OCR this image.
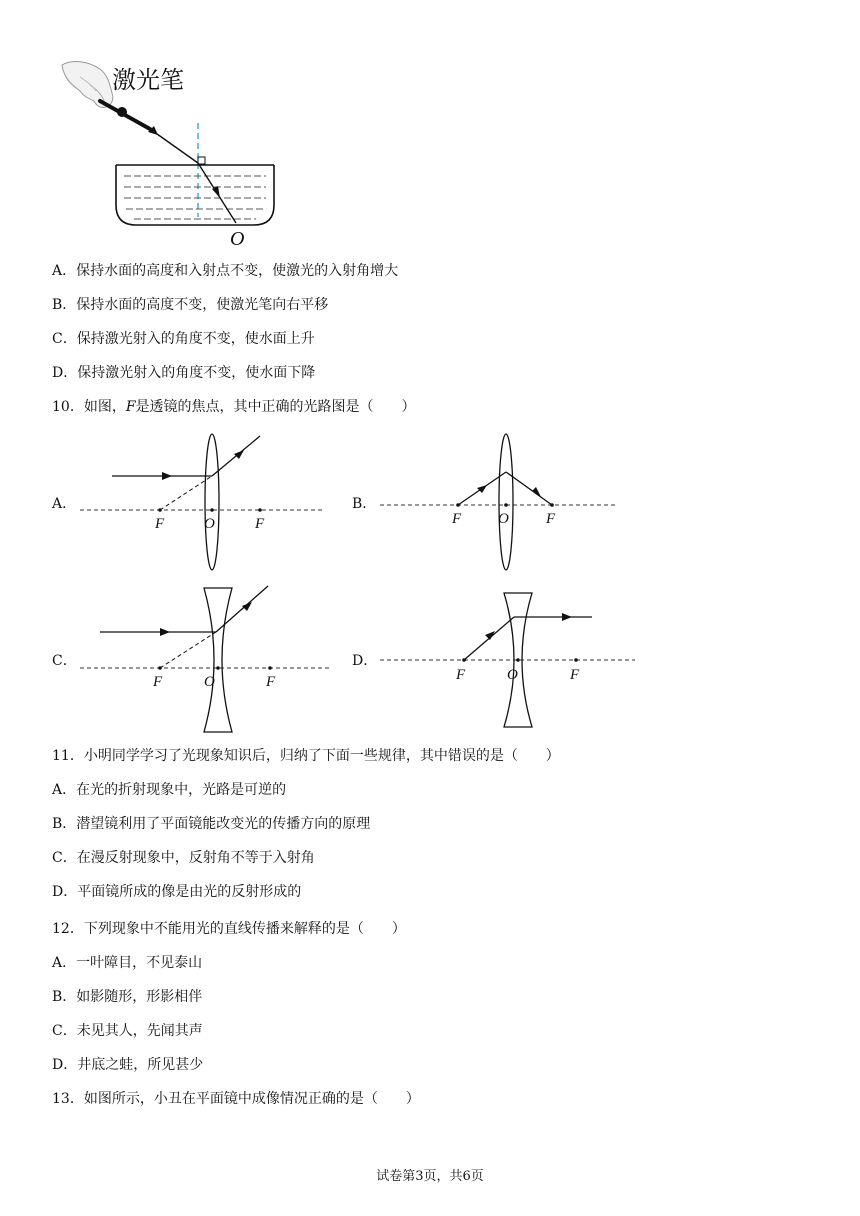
O
激光笔
A．保持水面的高度和入射点不变，使激光的入射角增大
B．保持水面的高度不变，使激光笔向右平移
C．保持激光射入的角度不变，使水面上升
D．保持激光射入的角度不变，使水面下降
10．如图，F是透镜的焦点，其中正确的光路图是（　　）
A．	B．
C．	D．
F	O	F	F O F
F	O	F	F	O	F
11．小明同学学习了光现象知识后，归纳了下面一些规律，其中错误的是（　　）
A．在光的折射现象中，光路是可逆的
B．潜望镜利用了平面镜能改变光的传播方向的原理
C．在漫反射现象中，反射角不等于入射角
D．平面镜所成的像是由光的反射形成的
12．下列现象中不能用光的直线传播来解释的是（　　）
A．一叶障目，不见泰山
B．如影随形，形影相伴
C．未见其人，先闻其声
D．井底之蛙，所见甚少
13．如图所示，小丑在平面镜中成像情况正确的是（　　）
试卷第3页，共6页
